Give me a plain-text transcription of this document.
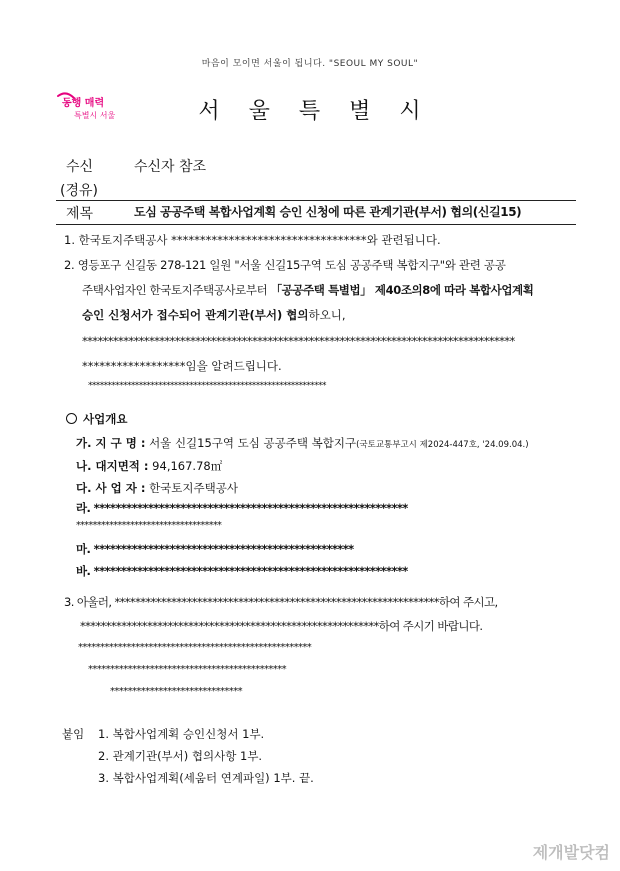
마음이 모이면 서울이 됩니다. "SEOUL MY SOUL"
동행 매력
특별시 서울	서 울 특 별 시
수신	수신자 참조
(경유)
제목	도심 공공주택 복합사업계획 승인 신청에 따른 관계기관(부서) 협의(신길15)
1. 한국토지주택공사 **********************************와 관련됩니다.
2. 영등포구 신길동 278-121 일원 "서울 신길15구역 도심 공공주택 복합지구"와 관련 공공
주택사업자인 한국토지주택공사로부터 「공공주택 특별법」 제40조의8에 따라 복합사업계획
승인 신청서가 접수되어 관계기관(부서) 협의하오니,
************************************************************************************
******************임을 알려드립니다.
*************************************************************
사업개요
가. 지 구 명 : 서울 신길15구역 도심 공공주택 복합지구(국토교통부고시 제2024-447호, '24.09.04.)
나. 대지면적 : 94,167.78㎡
다. 사 업 자 : 한국토지주택공사
라. **********************************************************
***********************************
마. ************************************************
바. **********************************************************
3. 아울러, ***************************************************************하여 주시고,
**********************************************************하여 주시기 바랍니다.
*****************************************************
*********************************************
******************************
붙임 1. 복합사업계획 승인신청서 1부.
2. 관계기관(부서) 협의사항 1부.
3. 복합사업계획(세움터 연계파일) 1부. 끝.
제개발닷컴
